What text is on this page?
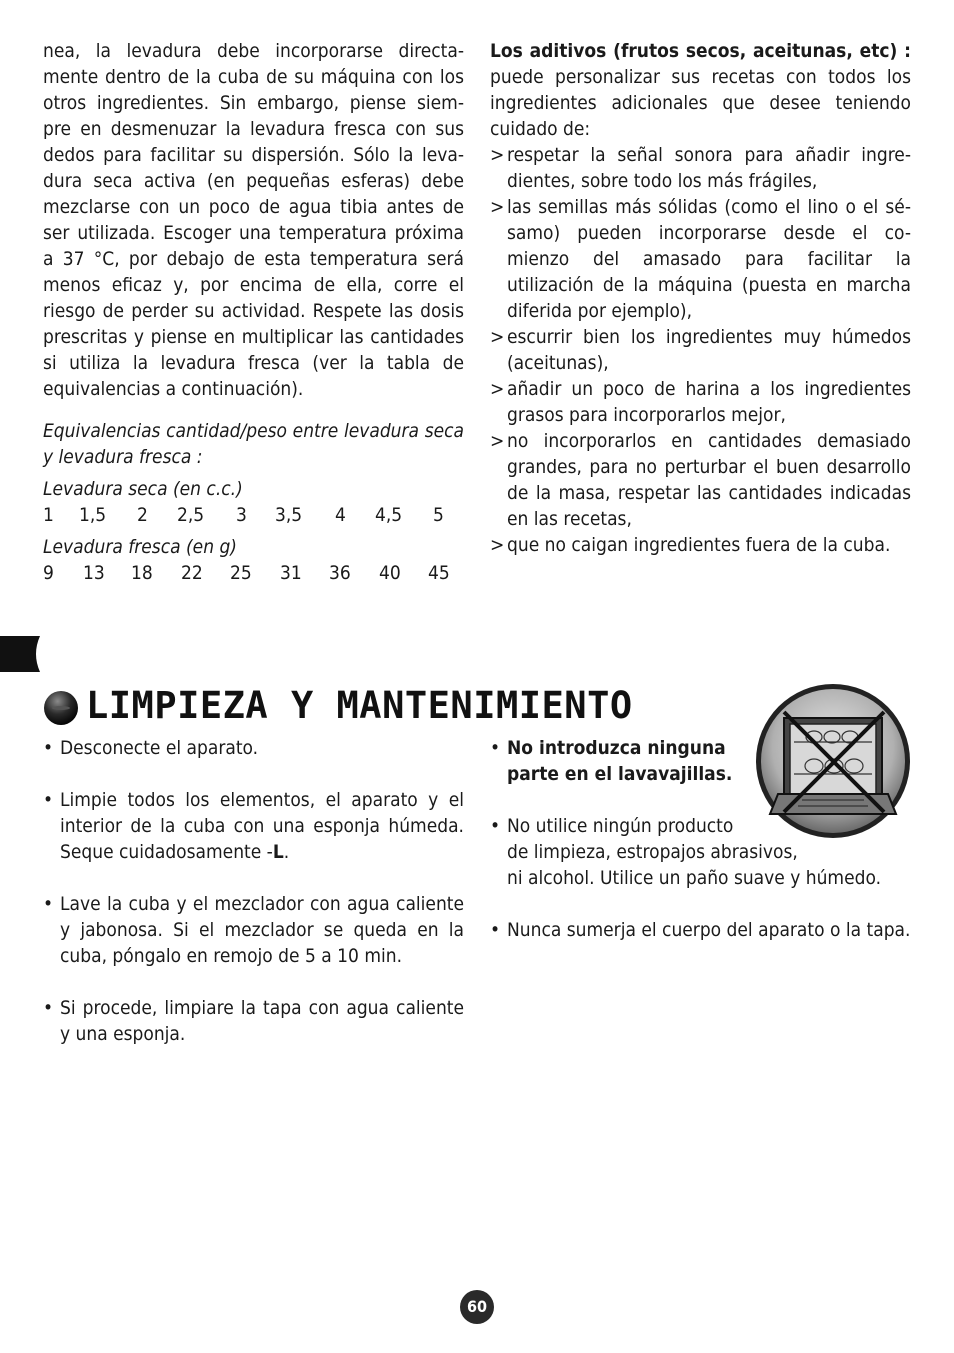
nea, la levadura debe incorporarse directa-mente dentro de la cuba de su máquina con los otros ingredientes. Sin embargo, piense siem-pre en desmenuzar la levadura fresca con sus dedos para facilitar su dispersión. Sólo la leva-dura seca activa (en pequeñas esferas) debe mezclarse con un poco de agua tibia antes de ser utilizada. Escoger una temperatura próxima a 37 °C, por debajo de esta temperatura será menos eficaz y, por encima de ella, corre el riesgo de perder su actividad. Respete las dosis prescritas y piense en multiplicar las cantidades si utiliza la levadura fresca (ver la tabla de equivalencias a continuación).

Equivalencias cantidad/peso entre levadura seca y levadura fresca :

Levadura seca (en c.c.)

1 1,5 2 2,5 3 3,5 4 4,5 5

Levadura fresca (en g)

9 13 18 22 25 31 36 40 45

Los aditivos (frutos secos, aceitunas, etc) : puede personalizar sus recetas con todos los ingredientes adicionales que desee teniendo cuidado de:

> respetar la señal sonora para añadir ingre-dientes, sobre todo los más frágiles,
> las semillas más sólidas (como el lino o el sé-samo) pueden incorporarse desde el co-mienzo del amasado para facilitar la utilización de la máquina (puesta en marcha diferida por ejemplo),
> escurrir bien los ingredientes muy húmedos (aceitunas),
> añadir un poco de harina a los ingredientes grasos para incorporarlos mejor,
> no incorporarlos en cantidades demasiado grandes, para no perturbar el buen desarrollo de la masa, respetar las cantidades indicadas en las recetas,
> que no caigan ingredientes fuera de la cuba.
LIMPIEZA Y MANTENIMIENTO
• Desconecte el aparato.
• Limpie todos los elementos, el aparato y el interior de la cuba con una esponja húmeda. Seque cuidadosamente -L.
• Lave la cuba y el mezclador con agua caliente y jabonosa. Si el mezclador se queda en la cuba, póngalo en remojo de 5 a 10 min.
• Si procede, limpiare la tapa con agua caliente y una esponja.
• No introduzca ninguna
parte en el lavavajillas.
• No utilice ningún producto
de limpieza, estropajos abrasivos,
ni alcohol. Utilice un paño suave y húmedo.
• Nunca sumerja el cuerpo del aparato o la tapa.
60
